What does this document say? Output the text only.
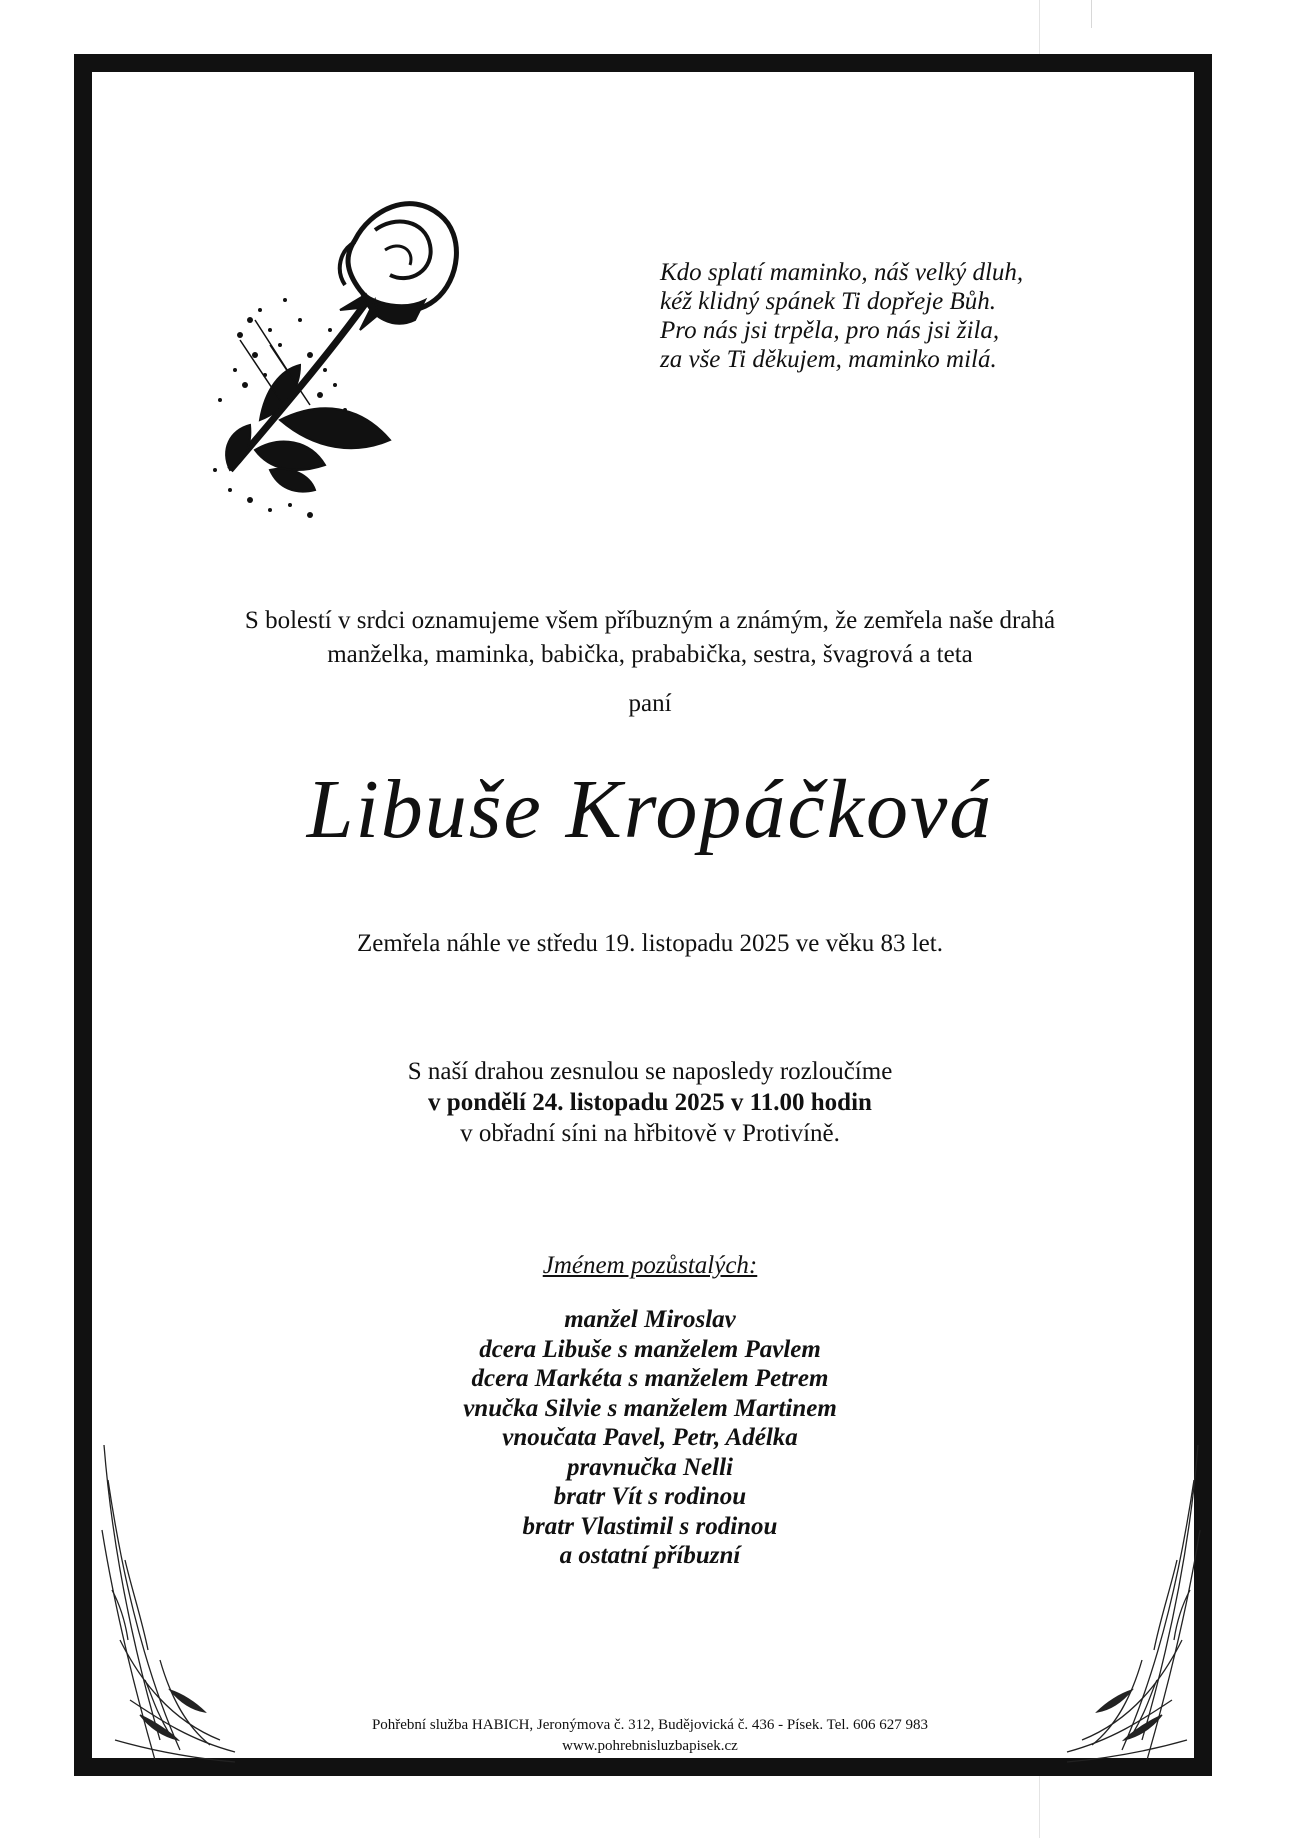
Kdo splatí maminko, náš velký dluh,
kéž klidný spánek Ti dopřeje Bůh.
Pro nás jsi trpěla, pro nás jsi žila,
za vše Ti děkujem, maminko milá.
S bolestí v srdci oznamujeme všem příbuzným a známým, že zemřela naše drahá
manželka, maminka, babička, prababička, sestra, švagrová a teta
paní
Libuše Kropáčková
Zemřela náhle ve středu 19. listopadu 2025 ve věku 83 let.
S naší drahou zesnulou se naposledy rozloučíme
v pondělí 24. listopadu 2025 v 11.00 hodin
v obřadní síni na hřbitově v Protivíně.
Jménem pozůstalých:
manžel Miroslav
dcera Libuše s manželem Pavlem
dcera Markéta s manželem Petrem
vnučka Silvie s manželem Martinem
vnoučata Pavel, Petr, Adélka
pravnučka Nelli
bratr Vít s rodinou
bratr Vlastimil s rodinou
a ostatní příbuzní
Pohřební služba HABICH, Jeronýmova č. 312, Budějovická č. 436 - Písek. Tel. 606 627 983
www.pohrebnisluzbapisek.cz
